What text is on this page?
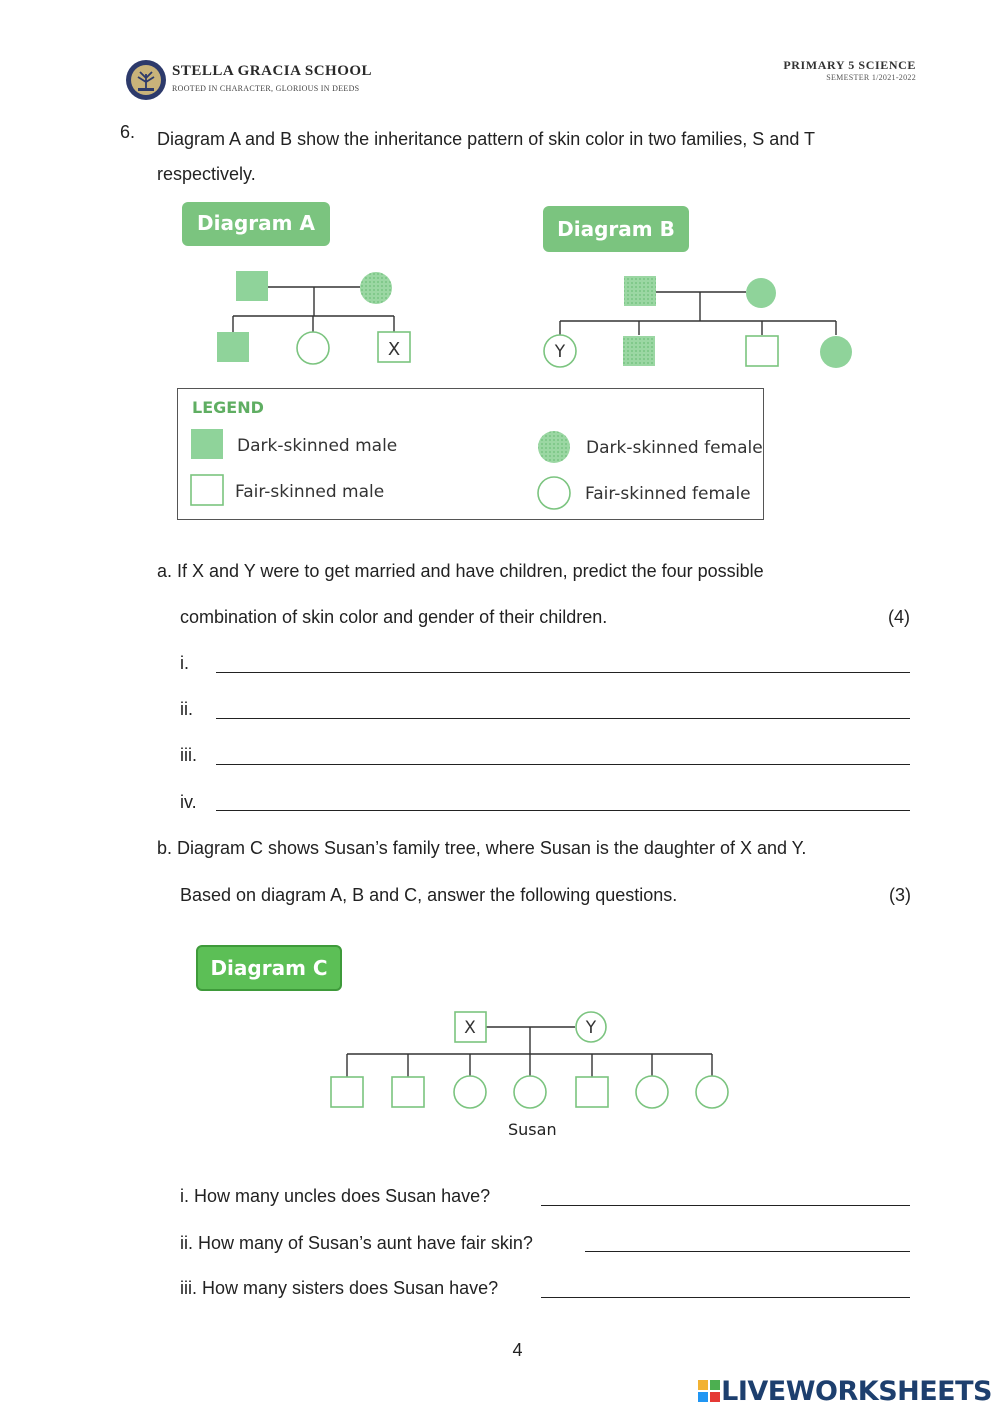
STELLA GRACIA SCHOOL
ROOTED IN CHARACTER, GLORIOUS IN DEEDS
PRIMARY 5 SCIENCE
SEMESTER 1/2021-2022
6. Diagram A and B show the inheritance pattern of skin color in two families, S and T respectively.
Diagram A
X
Diagram B
Y
LEGEND
Dark-skinned male	Dark-skinned female
Fair-skinned male	Fair-skinned female
a. If X and Y were to get married and have children, predict the four possible
combination of skin color and gender of their children.	(4)
i.
ii.
iii.
iv.
b. Diagram C shows Susan’s family tree, where Susan is the daughter of X and Y.
Based on diagram A, B and C, answer the following questions.	(3)
Diagram C
X	Y
Susan
i. How many uncles does Susan have?
ii. How many of Susan’s aunt have fair skin?
iii. How many sisters does Susan have?
4
LIVEWORKSHEETS
